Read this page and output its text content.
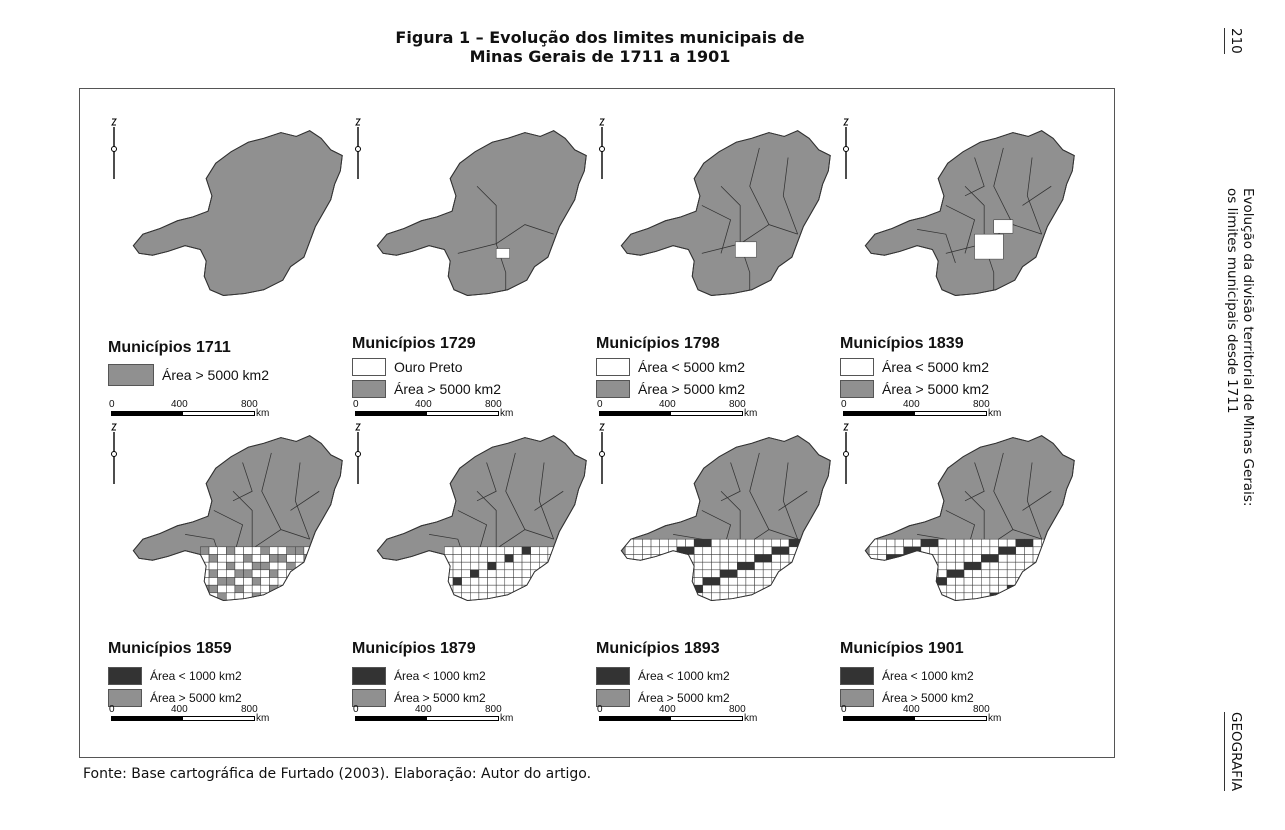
Figura 1 – Evolução dos limites municipais de
Minas Gerais de 1711 a 1901
Municípios 1711
Área > 5000 km2
0	400	800
km
Municípios 1729
Ouro Preto
Área > 5000 km2
0	400	800
km
Municípios 1798
Área < 5000 km2
Área > 5000 km2
0	400	800
km
Municípios 1839
Área < 5000 km2
Área > 5000 km2
0	400	800
km
Municípios 1859
Área < 1000 km2
Área > 5000 km2
0	400	800
km
Municípios 1879
Área < 1000 km2
Área > 5000 km2
0	400	800
km
Municípios 1893
Área < 1000 km2
Área > 5000 km2
0	400	800
km
Municípios 1901
Área < 1000 km2
Área > 5000 km2
0	400	800
km
Fonte: Base cartográfica de Furtado (2003). Elaboração: Autor do artigo.
210
Evolução da divisão territorial de Minas Gerais:
os limites municipais desde 1711
GEOGRAFIA
